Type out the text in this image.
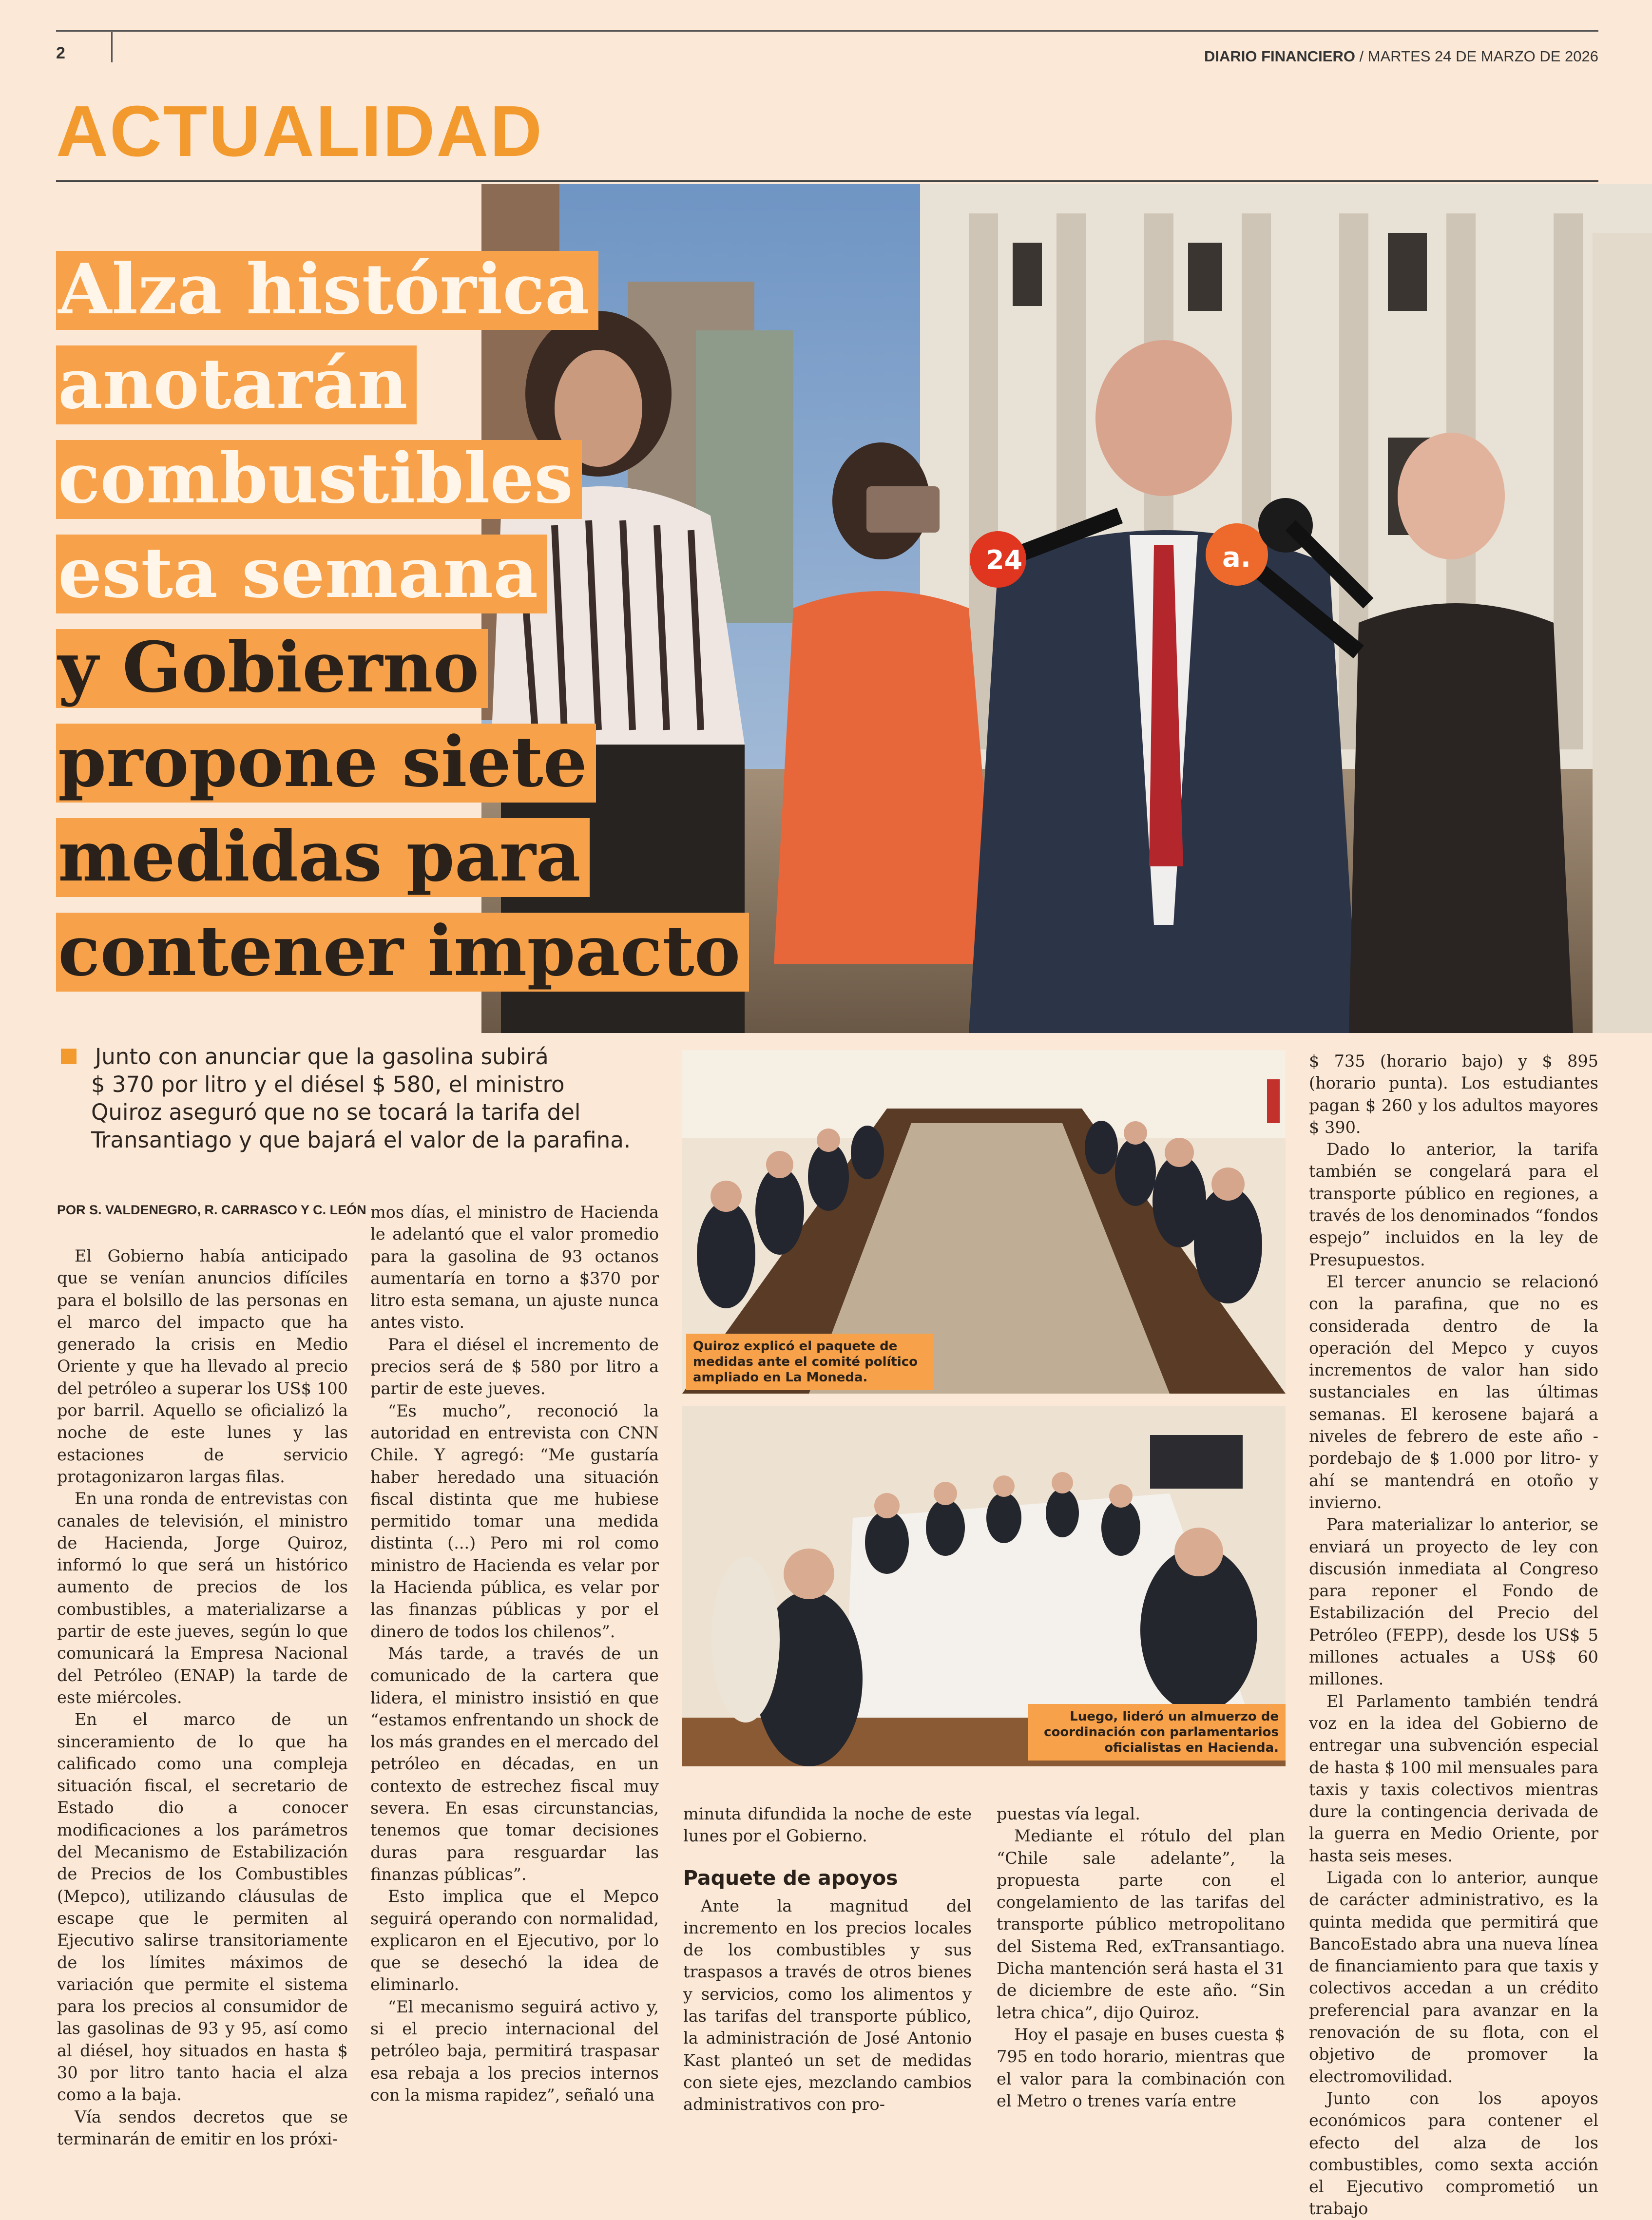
2	DIARIO FINANCIERO / MARTES 24 DE MARZO DE 2026
ACTUALIDAD
24	a.
Alza histórica
anotarán
combustibles
esta semana
y Gobierno
propone siete
medidas para
contener impacto
Junto con anunciar que la gasolina subirá
$ 370 por litro y el diésel $ 580, el ministro
Quiroz aseguró que no se tocará la tarifa del
Transantiago y que bajará el valor de la parafina.
POR S. VALDENEGRO, R. CARRASCO Y C. LEÓN

El Gobierno había anticipado que se venían anuncios difíciles para el bolsillo de las personas en el marco del impacto que ha generado la crisis en Medio Oriente y que ha llevado al precio del petróleo a superar los US$ 100 por barril. Aquello se oficializó la noche de este lunes y las estaciones de servicio protagonizaron largas filas.

En una ronda de entrevistas con canales de televisión, el ministro de Hacienda, Jorge Quiroz, informó lo que será un histórico aumento de precios de los combustibles, a materializarse a partir de este jueves, según lo que comunicará la Empresa Nacional del Petróleo (ENAP) la tarde de este miércoles.

En el marco de un sinceramiento de lo que ha calificado como una compleja situación fiscal, el secretario de Estado dio a conocer modificaciones a los parámetros del Mecanismo de Estabilización de Precios de los Combustibles (Mepco), utilizando cláusulas de escape que le permiten al Ejecutivo salirse transitoriamente de los límites máximos de variación que permite el sistema para los precios al consumidor de las gasolinas de 93 y 95, así como al diésel, hoy situados en hasta $ 30 por litro tanto hacia el alza como a la baja.

Vía sendos decretos que se terminarán de emitir en los próxi-

mos días, el ministro de Hacienda le adelantó que el valor promedio para la gasolina de 93 octanos aumentaría en torno a $370 por litro esta semana, un ajuste nunca antes visto.

Para el diésel el incremento de precios será de $ 580 por litro a partir de este jueves.

“Es mucho”, reconoció la autoridad en entrevista con CNN Chile. Y agregó: “Me gustaría haber heredado una situación fiscal distinta que me hubiese permitido tomar una medida distinta (...) Pero mi rol como ministro de Hacienda es velar por la Hacienda pública, es velar por las finanzas públicas y por el dinero de todos los chilenos”.

Más tarde, a través de un comunicado de la cartera que lidera, el ministro insistió en que “estamos enfrentando un shock de los más grandes en el mercado del petróleo en décadas, en un contexto de estrechez fiscal muy severa. En esas circunstancias, tenemos que tomar decisiones duras para resguardar las finanzas públicas”.

Esto implica que el Mepco seguirá operando con normalidad, explicaron en el Ejecutivo, por lo que se desechó la idea de eliminarlo.

“El mecanismo seguirá activo y, si el precio internacional del petróleo baja, permitirá traspasar esa rebaja a los precios internos con la misma rapidez”, señaló una

Quiroz explicó el paquete de medidas ante el comité político ampliado en La Moneda.
Luego, lideró un almuerzo de coordinación con parlamentarios oficialistas en Hacienda.

minuta difundida la noche de este lunes por el Gobierno.

Paquete de apoyos

Ante la magnitud del incremento en los precios locales de los combustibles y sus traspasos a través de otros bienes y servicios, como los alimentos y las tarifas del transporte público, la administración de José Antonio Kast planteó un set de medidas con siete ejes, mezclando cambios administrativos con pro-

puestas vía legal.

Mediante el rótulo del plan “Chile sale adelante”, la propuesta parte con el congelamiento de las tarifas del transporte público metropolitano del Sistema Red, exTransantiago. Dicha mantención será hasta el 31 de diciembre de este año. “Sin letra chica”, dijo Quiroz.

Hoy el pasaje en buses cuesta $ 795 en todo horario, mientras que el valor para la combinación con el Metro o trenes varía entre

$ 735 (horario bajo) y $ 895 (horario punta). Los estudiantes pagan $ 260 y los adultos mayores $ 390.

Dado lo anterior, la tarifa también se congelará para el transporte público en regiones, a través de los denominados “fondos espejo” incluidos en la ley de Presupuestos.

El tercer anuncio se relacionó con la parafina, que no es considerada dentro de la operación del Mepco y cuyos incrementos de valor han sido sustanciales en las últimas semanas. El kerosene bajará a niveles de febrero de este año -pordebajo de $ 1.000 por litro- y ahí se mantendrá en otoño y invierno.

Para materializar lo anterior, se enviará un proyecto de ley con discusión inmediata al Congreso para reponer el Fondo de Estabilización del Precio del Petróleo (FEPP), desde los US$ 5 millones actuales a US$ 60 millones.

El Parlamento también tendrá voz en la idea del Gobierno de entregar una subvención especial de hasta $ 100 mil mensuales para taxis y taxis colectivos mientras dure la contingencia derivada de la guerra en Medio Oriente, por hasta seis meses.

Ligada con lo anterior, aunque de carácter administrativo, es la quinta medida que permitirá que BancoEstado abra una nueva línea de financiamiento para que taxis y colectivos accedan a un crédito preferencial para avanzar en la renovación de su flota, con el objetivo de promover la electromovilidad.

Junto con los apoyos económicos para contener el efecto del alza de los combustibles, como sexta acción el Ejecutivo comprometió un trabajo
